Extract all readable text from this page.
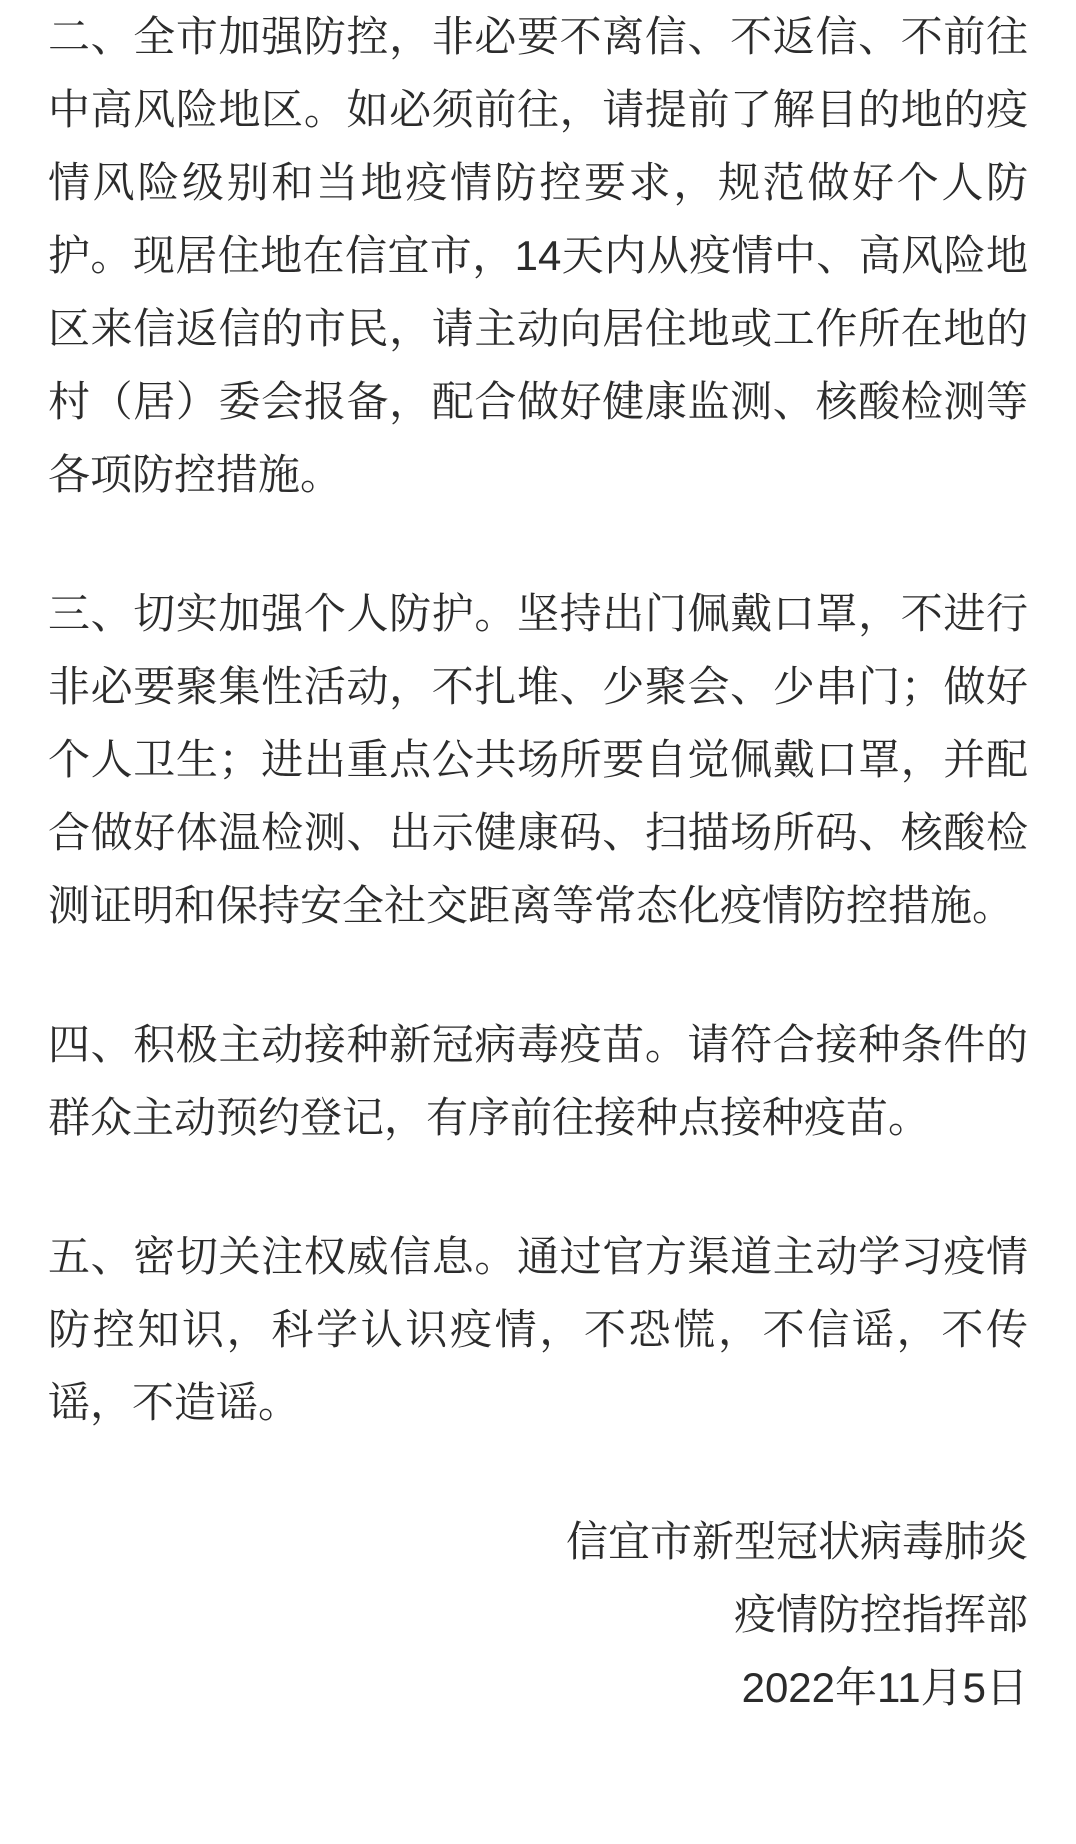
二、全市加强防控，非必要不离信、不返信、不前往中高风险地区。如必须前往，请提前了解目的地的疫情风险级别和当地疫情防控要求，规范做好个人防护。现居住地在信宜市，14天内从疫情中、高风险地区来信返信的市民，请主动向居住地或工作所在地的村（居）委会报备，配合做好健康监测、核酸检测等各项防控措施。

三、切实加强个人防护。坚持出门佩戴口罩，不进行非必要聚集性活动，不扎堆、少聚会、少串门；做好个人卫生；进出重点公共场所要自觉佩戴口罩，并配合做好体温检测、出示健康码、扫描场所码、核酸检测证明和保持安全社交距离等常态化疫情防控措施。

四、积极主动接种新冠病毒疫苗。请符合接种条件的群众主动预约登记，有序前往接种点接种疫苗。

五、密切关注权威信息。通过官方渠道主动学习疫情防控知识，科学认识疫情，不恐慌，不信谣，不传谣，不造谣。

信宜市新型冠状病毒肺炎
疫情防控指挥部
2022年11月5日
